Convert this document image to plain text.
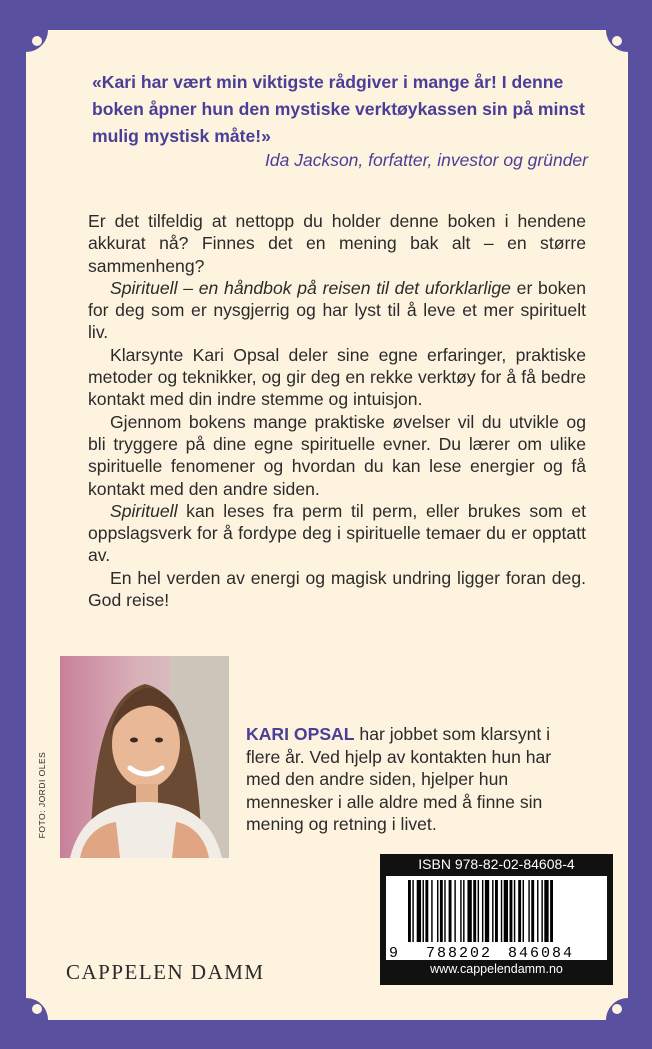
«Kari har vært min viktigste rådgiver i mange år! I denne boken åpner hun den mystiske verktøykassen sin på minst mulig mystisk måte!»

Ida Jackson, forfatter, investor og gründer

Er det tilfeldig at nettopp du holder denne boken i hendene akkurat nå? Finnes det en mening bak alt – en større sammenheng?

Spirituell – en håndbok på reisen til det uforklarlige er boken for deg som er nysgjerrig og har lyst til å leve et mer spirituelt liv.

Klarsynte Kari Opsal deler sine egne erfaringer, praktiske metoder og teknikker, og gir deg en rekke verktøy for å få bedre kontakt med din indre stemme og intuisjon.

Gjennom bokens mange praktiske øvelser vil du utvikle og bli tryggere på dine egne spirituelle evner. Du lærer om ulike spirituelle fenomener og hvordan du kan lese energier og få kontakt med den andre siden.

Spirituell kan leses fra perm til perm, eller brukes som et oppslagsverk for å fordype deg i spirituelle temaer du er opptatt av.

En hel verden av energi og magisk undring ligger foran deg. God reise!

FOTO: JORDI OLES

KARI OPSAL har jobbet som klarsynt i flere år. Ved hjelp av kontakten hun har med den andre siden, hjelper hun mennesker i alle aldre med å finne sin mening og retning i livet.

ISBN 978-82-02-84608-4
9 788202 846084
www.cappelendamm.no

CAPPELEN DAMM
